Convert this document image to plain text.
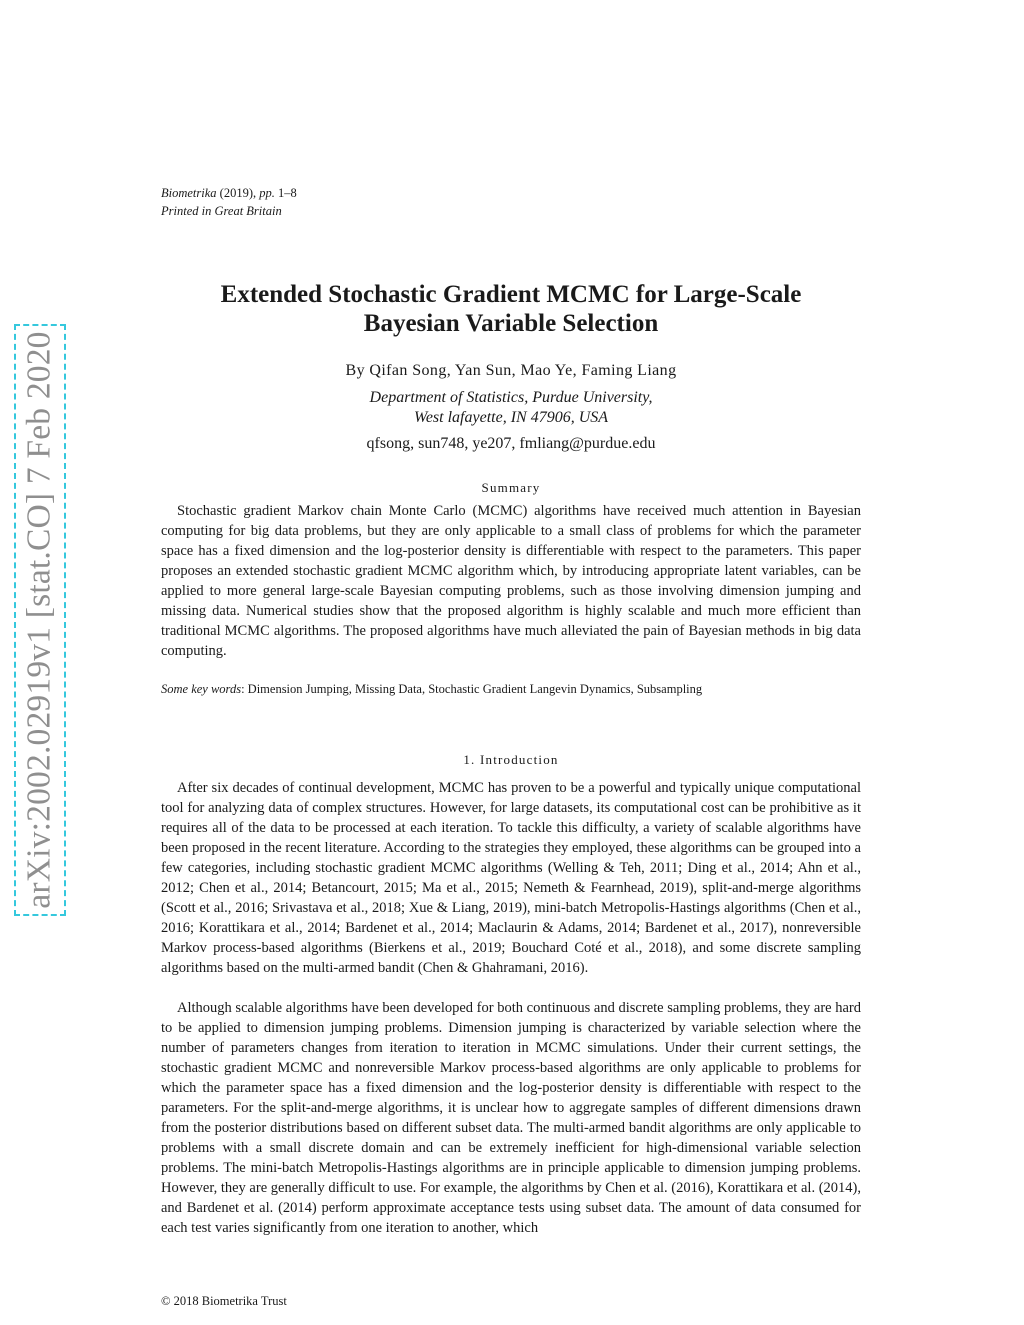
Biometrika (2019), pp. 1–8
Printed in Great Britain
arXiv:2002.02919v1 [stat.CO] 7 Feb 2020
Extended Stochastic Gradient MCMC for Large-Scale
Bayesian Variable Selection
By Qifan Song, Yan Sun, Mao Ye, Faming Liang
Department of Statistics, Purdue University,
West lafayette, IN 47906, USA
qfsong, sun748, ye207, fmliang@purdue.edu
Summary

Stochastic gradient Markov chain Monte Carlo (MCMC) algorithms have received much attention in Bayesian computing for big data problems, but they are only applicable to a small class of problems for which the parameter space has a fixed dimension and the log-posterior density is differentiable with respect to the parameters. This paper proposes an extended stochastic gradient MCMC algorithm which, by introducing appropriate latent variables, can be applied to more general large-scale Bayesian computing problems, such as those involving dimension jumping and missing data. Numerical studies show that the proposed algorithm is highly scalable and much more efficient than traditional MCMC algorithms. The proposed algorithms have much alleviated the pain of Bayesian methods in big data computing.

Some key words: Dimension Jumping, Missing Data, Stochastic Gradient Langevin Dynamics, Subsampling
1. Introduction

After six decades of continual development, MCMC has proven to be a powerful and typically unique computational tool for analyzing data of complex structures. However, for large datasets, its computational cost can be prohibitive as it requires all of the data to be processed at each iteration. To tackle this difficulty, a variety of scalable algorithms have been proposed in the recent literature. According to the strategies they employed, these algorithms can be grouped into a few categories, including stochastic gradient MCMC algorithms (Welling & Teh, 2011; Ding et al., 2014; Ahn et al., 2012; Chen et al., 2014; Betancourt, 2015; Ma et al., 2015; Nemeth & Fearnhead, 2019), split-and-merge algorithms (Scott et al., 2016; Srivastava et al., 2018; Xue & Liang, 2019), mini-batch Metropolis-Hastings algorithms (Chen et al., 2016; Korattikara et al., 2014; Bardenet et al., 2014; Maclaurin & Adams, 2014; Bardenet et al., 2017), nonreversible Markov process-based algorithms (Bierkens et al., 2019; Bouchard Coté et al., 2018), and some discrete sampling algorithms based on the multi-armed bandit (Chen & Ghahramani, 2016).

Although scalable algorithms have been developed for both continuous and discrete sampling problems, they are hard to be applied to dimension jumping problems. Dimension jumping is characterized by variable selection where the number of parameters changes from iteration to iteration in MCMC simulations. Under their current settings, the stochastic gradient MCMC and nonreversible Markov process-based algorithms are only applicable to problems for which the parameter space has a fixed dimension and the log-posterior density is differentiable with respect to the parameters. For the split-and-merge algorithms, it is unclear how to aggregate samples of different dimensions drawn from the posterior distributions based on different subset data. The multi-armed bandit algorithms are only applicable to problems with a small discrete domain and can be extremely inefficient for high-dimensional variable selection problems. The mini-batch Metropolis-Hastings algorithms are in principle applicable to dimension jumping problems. However, they are generally difficult to use. For example, the algorithms by Chen et al. (2016), Korattikara et al. (2014), and Bardenet et al. (2014) perform approximate acceptance tests using subset data. The amount of data consumed for each test varies significantly from one iteration to another, which

© 2018 Biometrika Trust
